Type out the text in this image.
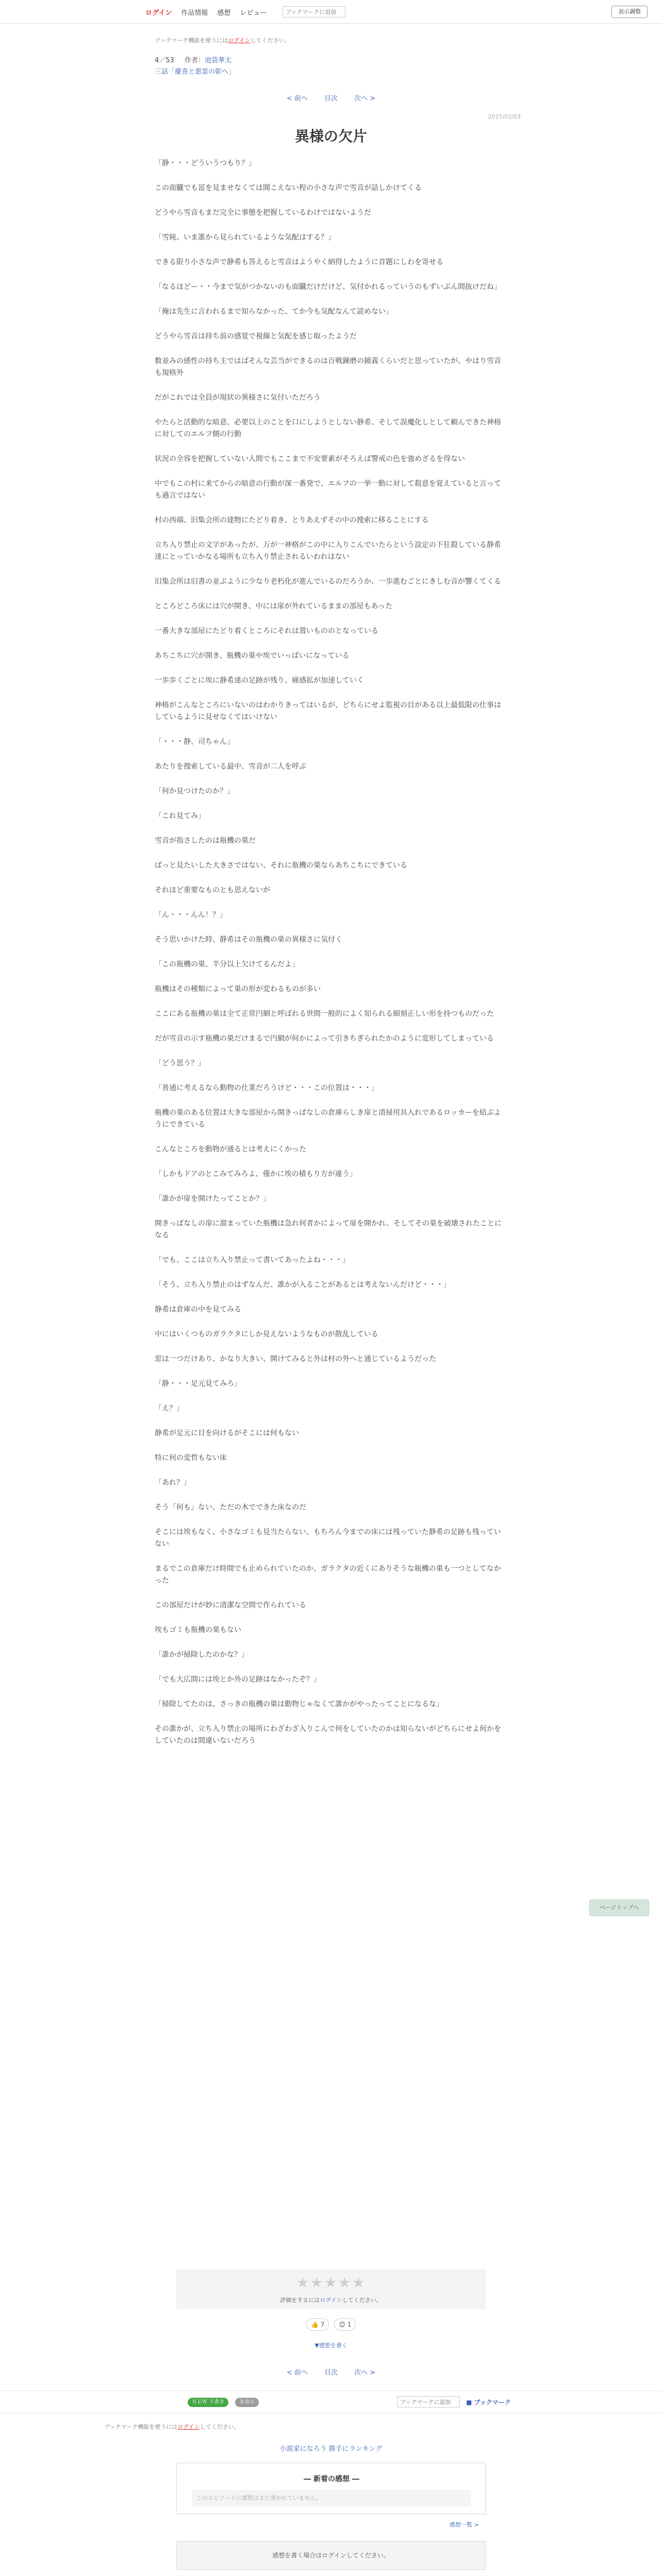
ログイン 作品情報 感想 レビュー
ブックマークに追加	表示調整
ブックマーク機能を使うにはログインしてください。
4／53 作者：池袋華太
三話「慶喜と悪霊の影へ」
< 前へ 目次 次へ >
2015/03/03
異様の欠片

「静・・・どういうつもり？」

この面臓でも冨を見ませなくては聞こえない程の小さな声で雪音が話しかけてくる

どうやら雪音もまだ完全に事態を把握しているわけではないようだ

「雪純、いま誰から見られているような気配はする？」

できる限り小さな声で静希も答えると雪音はようやく納得したように首題にしわを寄せる

「なるほどー・・今まで気がつかないのも面臓だけだけど、気付かれるっていうのもずいぶん間抜けだね」

「俺は先生に言われるまで知らなかった、てか今も気配なんて読めない」

どうやら雪音は持ち前の感覚で視線と気配を感じ取ったようだ

数並みの感性の持ち主ではばそんな芸当ができるのは百戦錬磨の鏡義くらいだと思っていたが、やはり雪音も規格外

だがこれでは全員が現状の異様さに気付いただろう

やたらと活動的な暗意、必要以上のことを口にしようとしない静希、そして誤魔化しとして頼んできた神格に対してのエルフ側の行動

状況の全容を把握していない人間でもここまで不安要素がそろえば警戒の色を強めざるを得ない

中でもこの村に来てからの暗意の行動が深一番発で、エルフの一挙一動に対して殺意を覚えていると言っても過言ではない

村の西端、旧集会所の建物にたどり着き、とりあえずその中の捜索に移ることにする

立ち入り禁止の文字があったが、万が一神格がこの中に入りこんでいたらという設定の下狂殺している静希達にとっていかなる場所も立ち入り禁止されるいわれはない

旧集会所は旧書の並ぶように少なり老朽化が進んでいるのだろうか、一歩進むごとにきしむ音が響くてくる

ところどころ床には穴が開き、中には扉が外れているままの部屋もあった

一番大きな部屋にたどり着くところにそれは置いもののとなっている

あちこちに穴が開き、瓶機の巣や埃でいっぱいになっている

一歩歩くごとに埃に静希達の足跡が残り、痛感拡が加速していく

神格がこんなところにいないのはわかりきってはいるが、どちらにせよ監視の目がある以上最低限の仕事はしているように見せなくてはいけない

「・・・静、司ちゃん」

あたりを捜索している最中、雪音が二人を呼ぶ

「何か見つけたのか？」

「これ見てみ」

雪音が指さしたのは瓶機の巣だ

ぱっと見たいした大きさではない、それに瓶機の巣ならあちこちにできている

それほど重要なものとも思えないが

「ん・・・んん！？」

そう思いかけた時、静希はその瓶機の巣の異様さに気付く

「この瓶機の巣、半分以上欠けてるんだよ」

瓶機はその種類によって巣の形が変わるものが多い

ここにある瓶機の巣は全て正常円網と呼ばれる世間一般的によく知られる細刻正しい形を持つものだった

だが雪音の示す瓶機の巣だけまるで円網が何かによって引きちぎられたかのように変形してしまっている

「どう思う？」

「普通に考えるなら動物の仕業だろうけど・・・この位置は・・・」

瓶機の巣のある位置は大きな部屋から開きっぱなしの倉庫らしき扉と清掃用具入れであるロッカーを結ぶようにできている

こんなところを動物が通るとは考えにくかった

「しかもドアのとこみてみろよ、僅かに埃の積もり方が違う」

「誰かが扉を開けたってことか？」

開きっぱなしの扉に溜まっていた瓶機は急れ何者かによって扉を開かれ、そしてその巣を破壊されたことになる

「でも、ここは立ち入り禁止って書いてあったよね・・・」

「そう、立ち入り禁止のはずなんだ、誰かが入ることがあるとは考えないんだけど・・・」

静希は倉庫の中を見てみる

中にはいくつものガラクタにしか見えないようなものが散乱している

窓は一つだけあり、かなり大きい、開けてみると外は村の外へと通じているようだった

「静・・・足元見てみろ」

「え？」

静希が足元に目を向けるがそこには何もない

特に何の変哲もない床

「あれ？」

そう「何も」ない、ただの木でできた床なのだ

そこには埃もなく、小さなゴミも見当たらない、もちろん今までの床には残っていた静希の足跡も残っていない

まるでこの倉庫だけ時間でも止められていたのか、ガラクタの近くにありそうな瓶機の巣も一つとしてなかった

この部屋だけが妙に清潔な空間で作られている

埃もゴミも瓶機の巣もない

「誰かが掃除したのかな？」

「でも大広間には埃とか外の足跡はなかったぞ？」

「掃除してたのは、さっきの瓶機の巣は動物じゃなくて誰かがやったってことになるな」

その誰かが、立ち入り禁止の場所にわざわざ入りこんで何をしていたのかは知らないがどちらにせよ何かをしていたのは間違いないだろう

★★★★★
評価をするにはログインしてください。
👍 7	😊 1
▼感想を書く
< 前へ 目次 次へ >
ＮＥＷ 下書き	非表示
ブックマークに追加	■ ブックマーク
ブックマーク機能を使うにはログインしてください。
小説家になろう 勝手にランキング
― 新着の感想 ―
このエピソードに感想はまだ書かれていません。
感想一覧 >
感想を書く場合はログインしてください。
ページトップへ
